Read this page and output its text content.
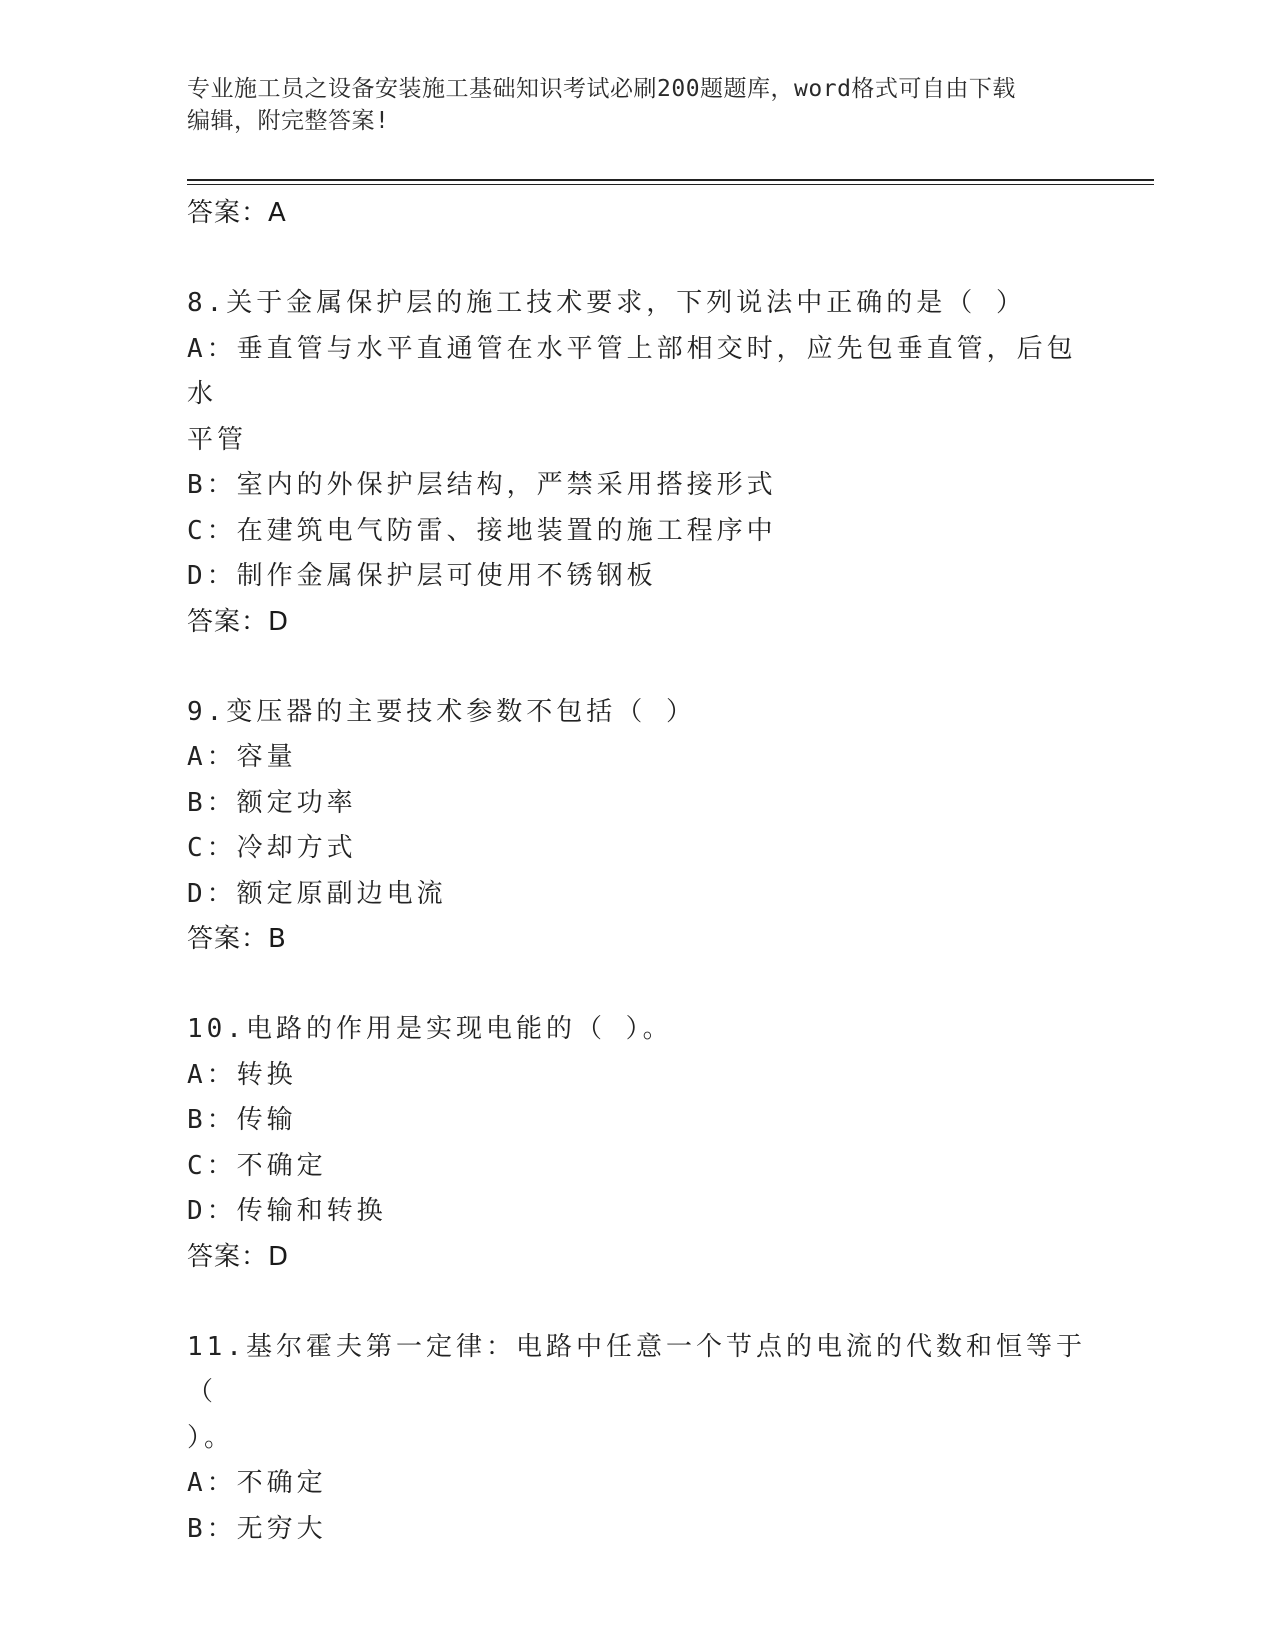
专业施工员之设备安装施工基础知识考试必刷200题题库，word格式可自由下载
编辑，附完整答案!
答案：A
8.关于金属保护层的施工技术要求，下列说法中正确的是（ ）
A：垂直管与水平直通管在水平管上部相交时，应先包垂直管，后包水
平管
B：室内的外保护层结构，严禁采用搭接形式
C：在建筑电气防雷、接地装置的施工程序中
D：制作金属保护层可使用不锈钢板
答案：D
9.变压器的主要技术参数不包括（ ）
A：容量
B：额定功率
C：冷却方式
D：额定原副边电流
答案：B
10.电路的作用是实现电能的（ ）。
A：转换
B：传输
C：不确定
D：传输和转换
答案：D
11.基尔霍夫第一定律：电路中任意一个节点的电流的代数和恒等于（
）。
A：不确定
B：无穷大
